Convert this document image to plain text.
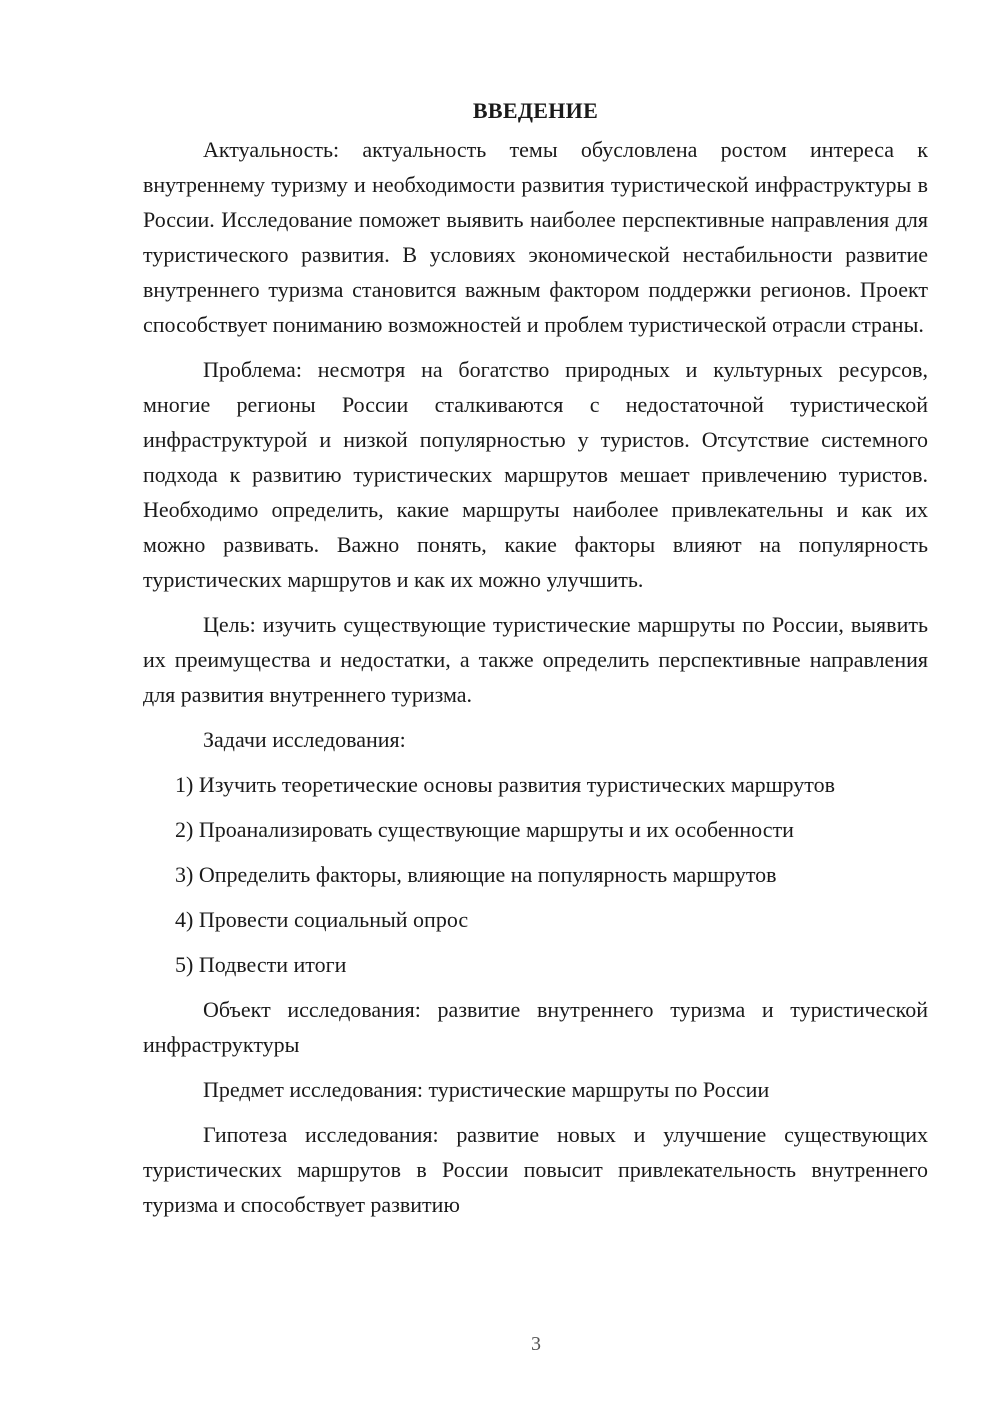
ВВЕДЕНИЕ

Актуальность: актуальность темы обусловлена ростом интереса к внутреннему туризму и необходимости развития туристической инфраструктуры в России. Исследование поможет выявить наиболее перспективные направления для туристического развития. В условиях экономической нестабильности развитие внутреннего туризма становится важным фактором поддержки регионов. Проект способствует пониманию возможностей и проблем туристической отрасли страны.

Проблема: несмотря на богатство природных и культурных ресурсов, многие регионы России сталкиваются с недостаточной туристической инфраструктурой и низкой популярностью у туристов. Отсутствие системного подхода к развитию туристических маршрутов мешает привлечению туристов. Необходимо определить, какие маршруты наиболее привлекательны и как их можно развивать. Важно понять, какие факторы влияют на популярность туристических маршрутов и как их можно улучшить.

Цель: изучить существующие туристические маршруты по России, выявить их преимущества и недостатки, а также определить перспективные направления для развития внутреннего туризма.

Задачи исследования:

1) Изучить теоретические основы развития туристических маршрутов
2) Проанализировать существующие маршруты и их особенности
3) Определить факторы, влияющие на популярность маршрутов
4) Провести социальный опрос
5) Подвести итоги

Объект исследования: развитие внутреннего туризма и туристической инфраструктуры

Предмет исследования: туристические маршруты по России

Гипотеза исследования: развитие новых и улучшение существующих туристических маршрутов в России повысит привлекательность внутреннего туризма и способствует развитию

3
